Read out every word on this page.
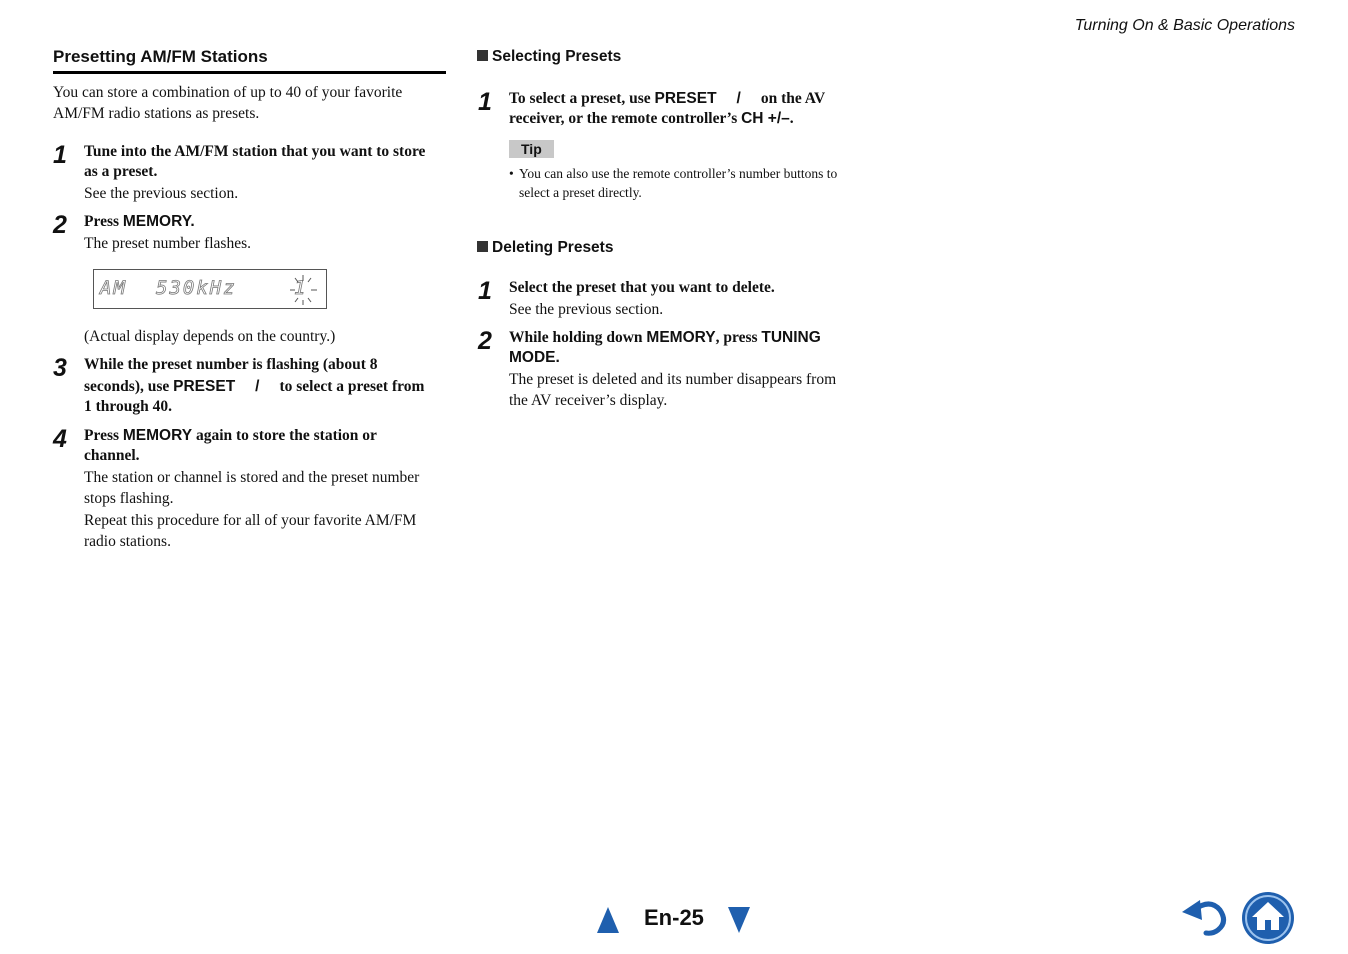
Turning On & Basic Operations
Presetting AM/FM Stations
You can store a combination of up to 40 of your favorite
AM/FM radio stations as presets.
1 Tune into the AM/FM station that you want to store
as a preset.
See the previous section.
2 Press MEMORY.
The preset number flashes.
AM 530kHz	1
(Actual display depends on the country.)
3 While the preset number is flashing (about 8
seconds), use PRESET / to select a preset from
1 through 40.
4 Press MEMORY again to store the station or
channel.
The station or channel is stored and the preset number
stops flashing.
Repeat this procedure for all of your favorite AM/FM
radio stations.
Selecting Presets
1 To select a preset, use PRESET / on the AV
receiver, or the remote controller’s CH +/–.
Tip
• You can also use the remote controller’s number buttons to
select a preset directly.
Deleting Presets
1 Select the preset that you want to delete.
See the previous section.
2 While holding down MEMORY, press TUNING
MODE.
The preset is deleted and its number disappears from
the AV receiver’s display.
En-25
